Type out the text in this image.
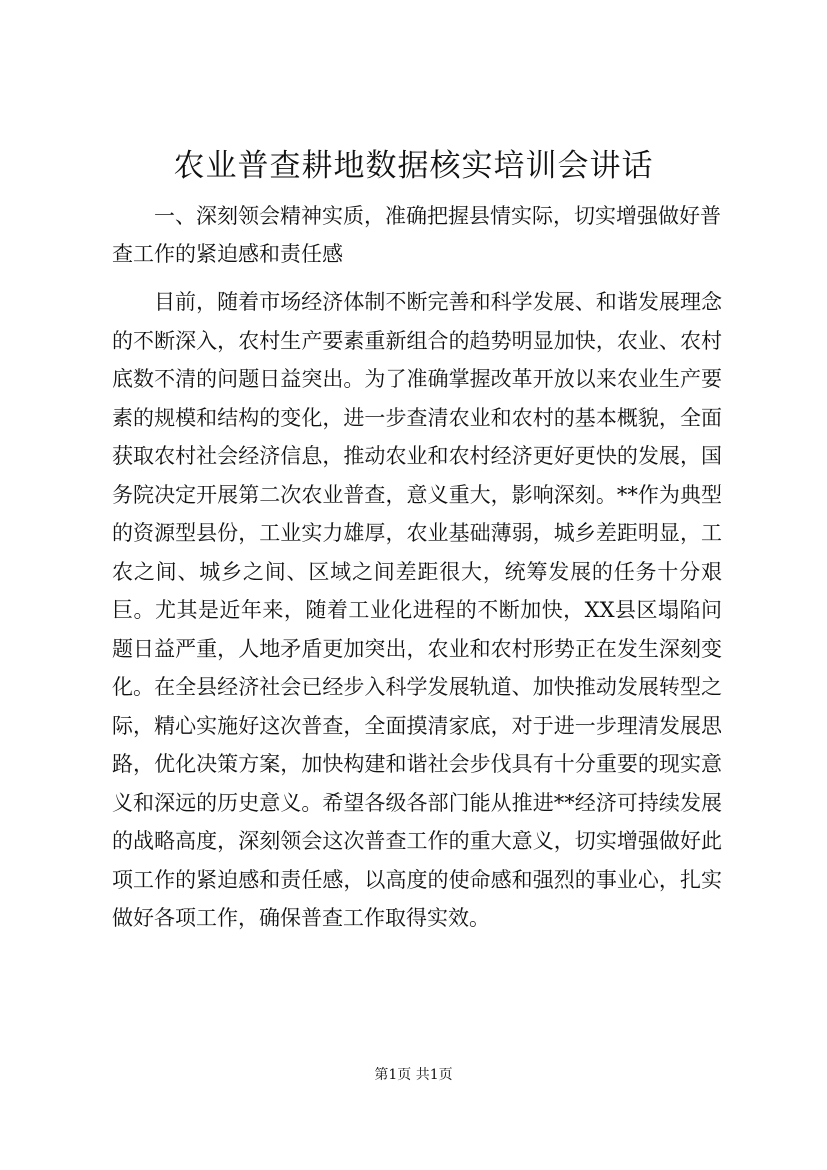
农业普查耕地数据核实培训会讲话

一、深刻领会精神实质，准确把握县情实际，切实增强做好普查工作的紧迫感和责任感

目前，随着市场经济体制不断完善和科学发展、和谐发展理念的不断深入，农村生产要素重新组合的趋势明显加快，农业、农村底数不清的问题日益突出。为了准确掌握改革开放以来农业生产要素的规模和结构的变化，进一步查清农业和农村的基本概貌，全面获取农村社会经济信息，推动农业和农村经济更好更快的发展，国务院决定开展第二次农业普查，意义重大，影响深刻。**作为典型的资源型县份，工业实力雄厚，农业基础薄弱，城乡差距明显，工农之间、城乡之间、区域之间差距很大，统筹发展的任务十分艰巨。尤其是近年来，随着工业化进程的不断加快，XX县区塌陷问题日益严重，人地矛盾更加突出，农业和农村形势正在发生深刻变化。在全县经济社会已经步入科学发展轨道、加快推动发展转型之际，精心实施好这次普查，全面摸清家底，对于进一步理清发展思路，优化决策方案，加快构建和谐社会步伐具有十分重要的现实意义和深远的历史意义。希望各级各部门能从推进**经济可持续发展的战略高度，深刻领会这次普查工作的重大意义，切实增强做好此项工作的紧迫感和责任感，以高度的使命感和强烈的事业心，扎实做好各项工作，确保普查工作取得实效。

第1页 共1页
